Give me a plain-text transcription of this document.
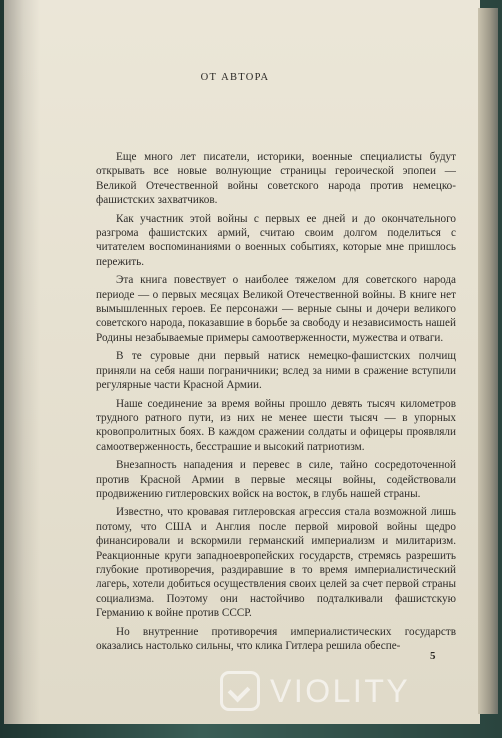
ОТ АВТОРА

Еще много лет писатели, историки, военные специалисты будут открывать все новые волнующие страницы героической эпопеи — Великой Отечественной войны советского народа против немецко-фашистских захватчиков.

Как участник этой войны с первых ее дней и до окончательного разгрома фашистских армий, считаю своим долгом поделиться с читателем воспоминаниями о военных событиях, которые мне пришлось пережить.

Эта книга повествует о наиболее тяжелом для советского народа периоде — о первых месяцах Великой Отечественной войны. В книге нет вымышленных героев. Ее персонажи — верные сыны и дочери великого советского народа, показавшие в борьбе за свободу и независимость нашей Родины незабываемые примеры самоотверженности, мужества и отваги.

В те суровые дни первый натиск немецко-фашистских полчищ приняли на себя наши пограничники; вслед за ними в сражение вступили регулярные части Красной Армии.

Наше соединение за время войны прошло девять тысяч километров трудного ратного пути, из них не менее шести тысяч — в упорных кровопролитных боях. В каждом сражении солдаты и офицеры проявляли самоотверженность, бесстрашие и высокий патриотизм.

Внезапность нападения и перевес в силе, тайно сосредоточенной против Красной Армии в первые месяцы войны, содействовали продвижению гитлеровских войск на восток, в глубь нашей страны.

Известно, что кровавая гитлеровская агрессия стала возможной лишь потому, что США и Англия после первой мировой войны щедро финансировали и вскормили германский империализм и милитаризм. Реакционные круги западноевропейских государств, стремясь разрешить глубокие противоречия, раздиравшие в то время империалистический лагерь, хотели добиться осуществления своих целей за счет первой страны социализма. Поэтому они настойчиво подталкивали фашистскую Германию к войне против СССР.

Но внутренние противоречия империалистических государств оказались настолько сильны, что клика Гитлера решила обеспе-

5
VIOLITY
